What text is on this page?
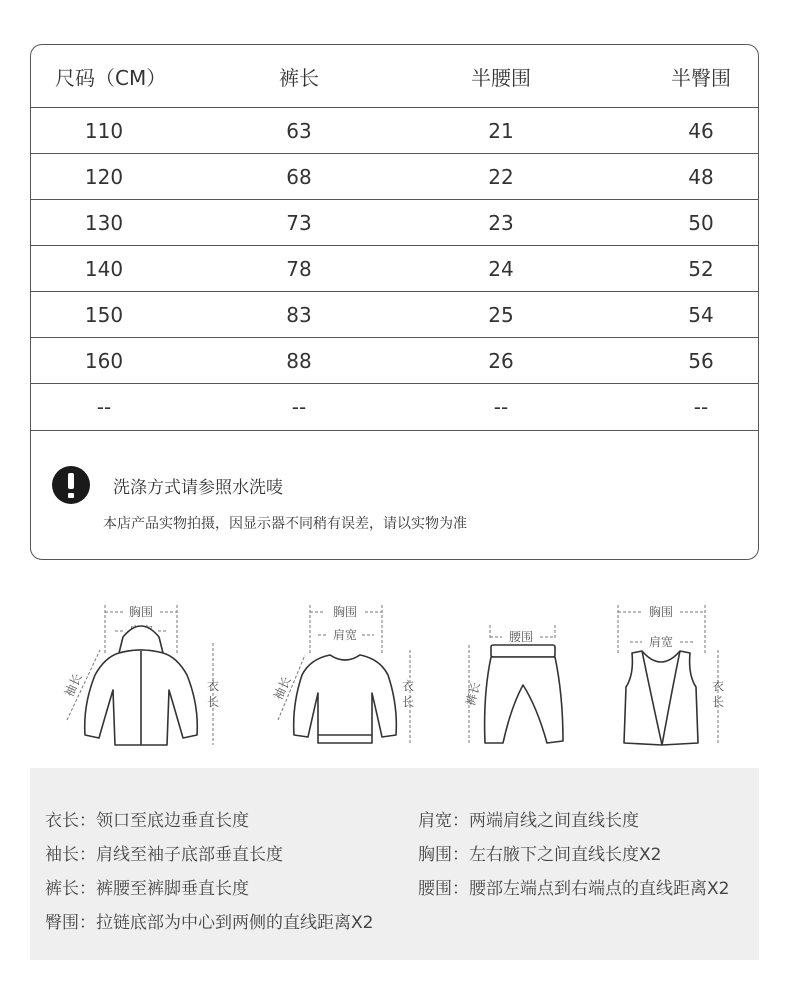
尺码（CM）	裤长	半腰围	半臀围
110	63	21	46
120	68	22	48
130	73	23	50
140	78	24	52
150	83	25	54
160	88	26	56
--	--	--	--
洗涤方式请参照水洗唛
本店产品实物拍摄，因显示器不同稍有误差，请以实物为准
胸围
袖长	衣
长
胸围
肩宽
袖长	衣
长
腰围
裤长
胸围
肩宽
衣
长
衣长：领口至底边垂直长度
袖长：肩线至袖子底部垂直长度
裤长：裤腰至裤脚垂直长度
臀围：拉链底部为中心到两侧的直线距离X2
肩宽：两端肩线之间直线长度
胸围：左右腋下之间直线长度X2
腰围：腰部左端点到右端点的直线距离X2
